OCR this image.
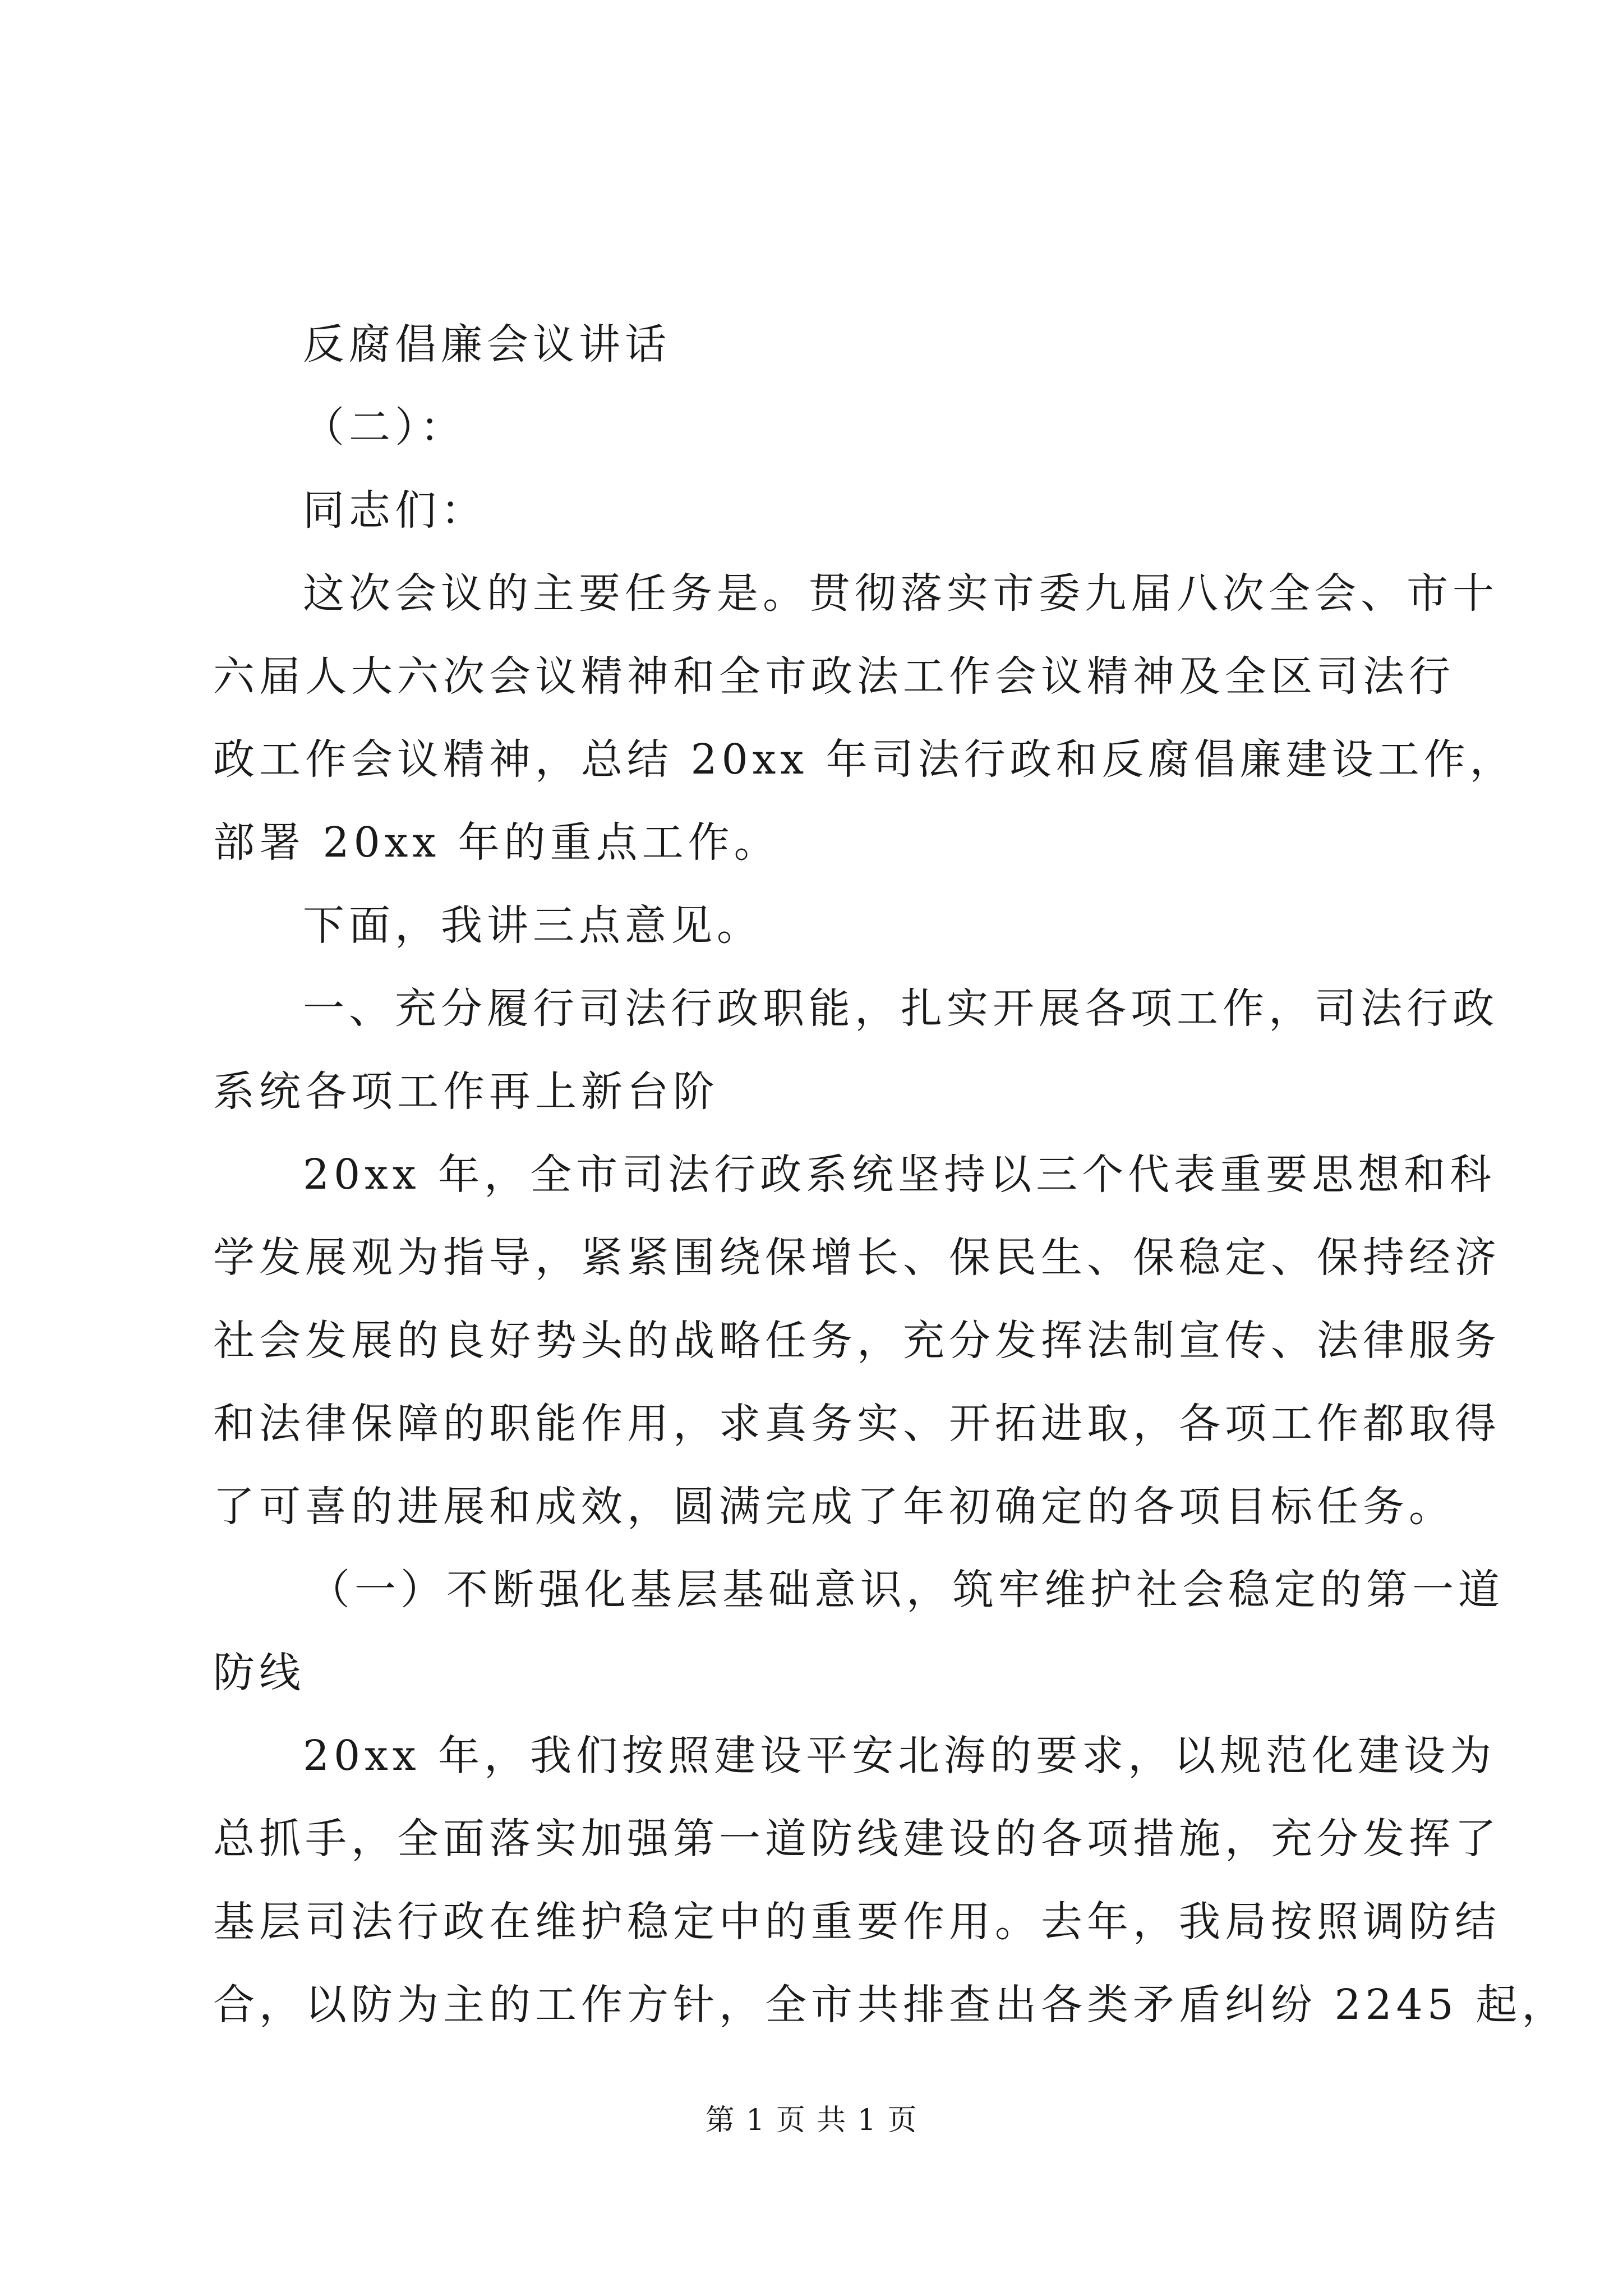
反腐倡廉会议讲话
（二）：
同志们：
这次会议的主要任务是。贯彻落实市委九届八次全会、市十
六届人大六次会议精神和全市政法工作会议精神及全区司法行
政工作会议精神，总结 20xx 年司法行政和反腐倡廉建设工作，
部署 20xx 年的重点工作。
下面，我讲三点意见。
一、充分履行司法行政职能，扎实开展各项工作，司法行政
系统各项工作再上新台阶
20xx 年，全市司法行政系统坚持以三个代表重要思想和科
学发展观为指导，紧紧围绕保增长、保民生、保稳定、保持经济
社会发展的良好势头的战略任务，充分发挥法制宣传、法律服务
和法律保障的职能作用，求真务实、开拓进取，各项工作都取得
了可喜的进展和成效，圆满完成了年初确定的各项目标任务。
（一）不断强化基层基础意识，筑牢维护社会稳定的第一道
防线
20xx 年，我们按照建设平安北海的要求，以规范化建设为
总抓手，全面落实加强第一道防线建设的各项措施，充分发挥了
基层司法行政在维护稳定中的重要作用。去年，我局按照调防结
合，以防为主的工作方针，全市共排查出各类矛盾纠纷 2245 起，
第 1 页 共 1 页
